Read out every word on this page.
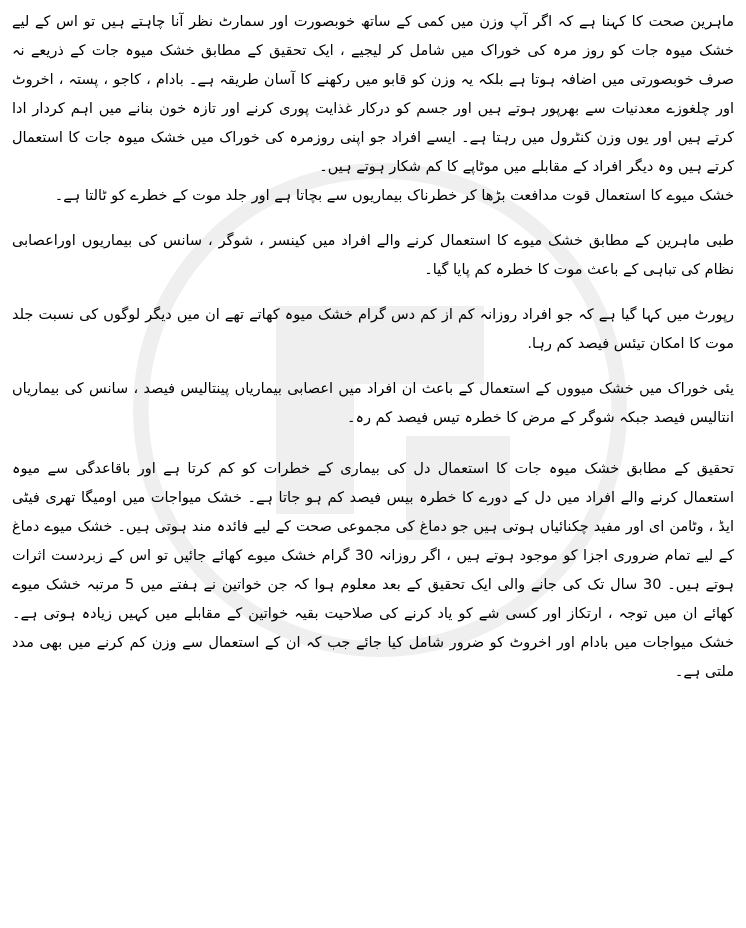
ماہرین صحت کا کہنا ہے کہ اگر آپ وزن میں کمی کے ساتھ خوبصورت اور سمارٹ نظر آنا چاہتے ہیں تو اس کے لیے خشک میوہ جات کو روز مرہ کی خوراک میں شامل کر لیجیے ، ایک تحقیق کے مطابق خشک میوہ جات کے ذریعے نہ صرف خوبصورتی میں اضافہ ہوتا ہے بلکہ یہ وزن کو قابو میں رکھنے کا آسان طریقہ ہے۔ بادام ، کاجو ، پستہ ، اخروٹ اور چلغوزے معدنیات سے بھرپور ہوتے ہیں اور جسم کو درکار غذایت پوری کرنے اور تازہ خون بنانے میں اہم کردار ادا کرتے ہیں اور یوں وزن کنٹرول میں رہتا ہے۔ ایسے افراد جو اپنی روزمرہ کی خوراک میں خشک میوہ جات کا استعمال کرتے ہیں وہ دیگر افراد کے مقابلے میں موٹاپے کا کم شکار ہوتے ہیں۔

خشک میوے کا استعمال قوت مدافعت بڑھا کر خطرناک بیماریوں سے بچاتا ہے اور جلد موت کے خطرے کو ٹالتا ہے۔

طبی ماہرین کے مطابق خشک میوے کا استعمال کرنے والے افراد میں کینسر ، شوگر ، سانس کی بیماریوں اوراعصابی نظام کی تباہی کے باعث موت کا خطرہ کم پایا گیا۔

رپورٹ میں کہا گیا ہے کہ جو افراد روزانہ کم از کم دس گرام خشک میوہ کھاتے تھے ان میں دیگر لوگوں کی نسبت جلد موت کا امکان تیئس فیصد کم رہا.

یئی خوراک میں خشک میووں کے استعمال کے باعث ان افراد میں اعصابی بیماریاں پینتالیس فیصد ، سانس کی بیماریاں انتالیس فیصد جبکہ شوگر کے مرض کا خطرہ تیس فیصد کم رہ۔

تحقیق کے مطابق خشک میوہ جات کا استعمال دل کی بیماری کے خطرات کو کم کرتا ہے اور باقاعدگی سے میوہ استعمال کرنے والے افراد میں دل کے دورے کا خطرہ بیس فیصد کم ہو جاتا ہے۔ خشک میواجات میں اومیگا تھری فیٹی ایڈ ، وٹامن ای اور مفید چکنائیاں ہوتی ہیں جو دماغ کی مجموعی صحت کے لیے فائدہ مند ہوتی ہیں۔ خشک میوے دماغ کے لیے تمام ضروری اجزا کو موجود ہوتے ہیں ، اگر روزانہ 30 گرام خشک میوے کھائے جائیں تو اس کے زبردست اثرات ہوتے ہیں۔ 30 سال تک کی جانے والی ایک تحقیق کے بعد معلوم ہوا کہ جن خواتین نے ہفتے میں 5 مرتبہ خشک میوے کھائے ان میں توجہ ، ارتکاز اور کسی شے کو یاد کرنے کی صلاحیت بقیہ خواتین کے مقابلے میں کہیں زیادہ ہوتی ہے۔ خشک میواجات میں بادام اور اخروٹ کو ضرور شامل کیا جائے جب کہ ان کے استعمال سے وزن کم کرنے میں بھی مدد ملتی ہے۔
